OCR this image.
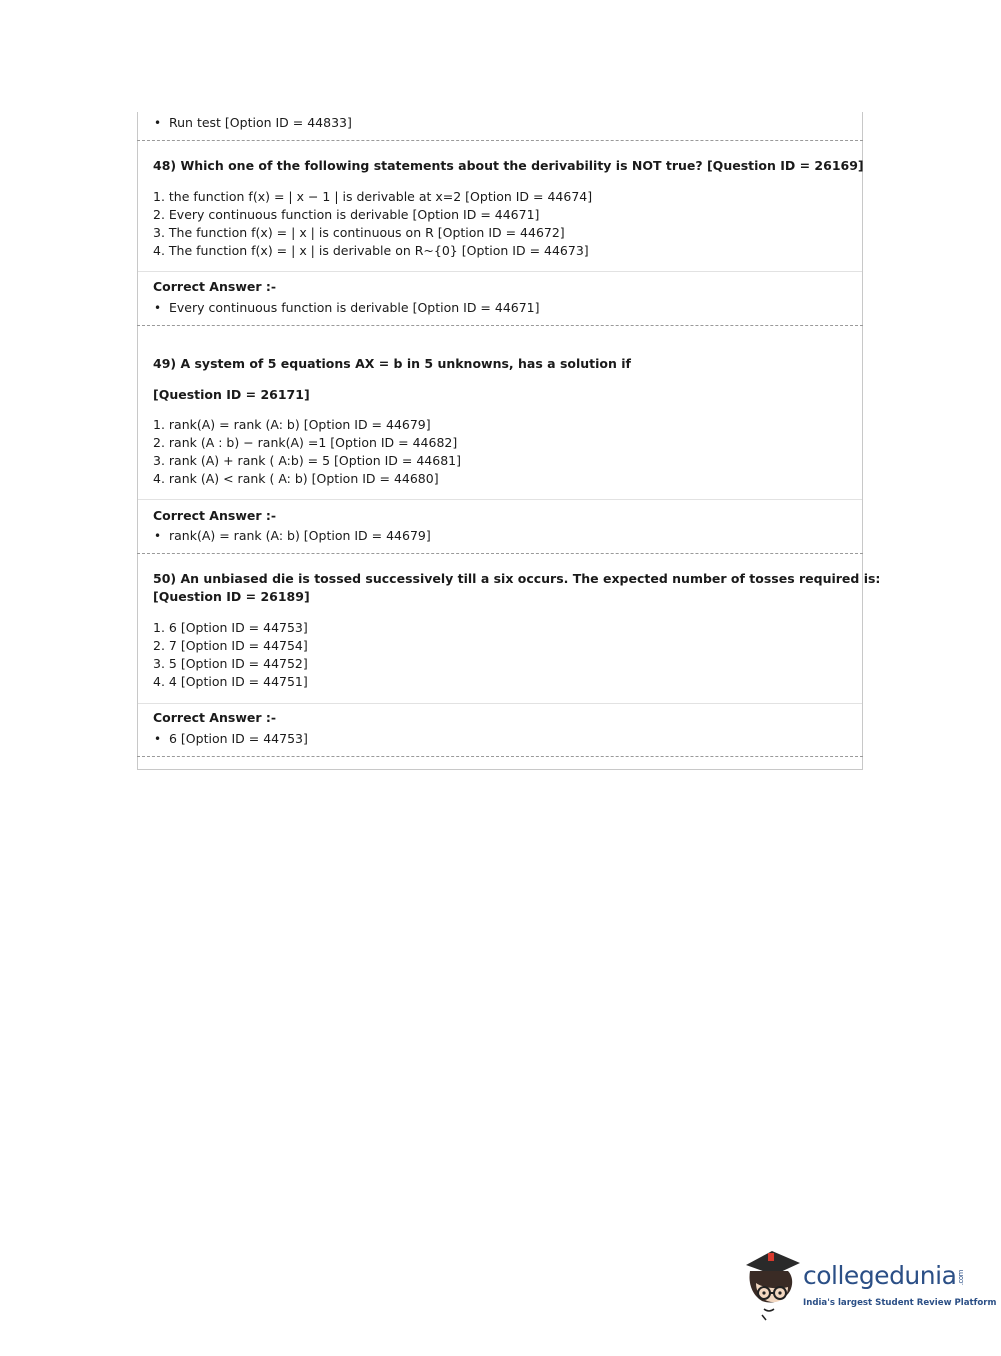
• Run test [Option ID = 44833]
48) Which one of the following statements about the derivability is NOT true? [Question ID = 26169]
1. the function f(x) = | x − 1 | is derivable at x=2 [Option ID = 44674]
2. Every continuous function is derivable [Option ID = 44671]
3. The function f(x) = | x | is continuous on R [Option ID = 44672]
4. The function f(x) = | x | is derivable on R~{0} [Option ID = 44673]
Correct Answer :-
• Every continuous function is derivable [Option ID = 44671]
49) A system of 5 equations AX = b in 5 unknowns, has a solution if
[Question ID = 26171]
1. rank(A) = rank (A: b) [Option ID = 44679]
2. rank (A : b) − rank(A) =1 [Option ID = 44682]
3. rank (A) + rank ( A:b) = 5 [Option ID = 44681]
4. rank (A) < rank ( A: b) [Option ID = 44680]
Correct Answer :-
• rank(A) = rank (A: b) [Option ID = 44679]
50) An unbiased die is tossed successively till a six occurs. The expected number of tosses required is:
[Question ID = 26189]
1. 6 [Option ID = 44753]
2. 7 [Option ID = 44754]
3. 5 [Option ID = 44752]
4. 4 [Option ID = 44751]
Correct Answer :-
• 6 [Option ID = 44753]
collegedunia .com
India's largest Student Review Platform
